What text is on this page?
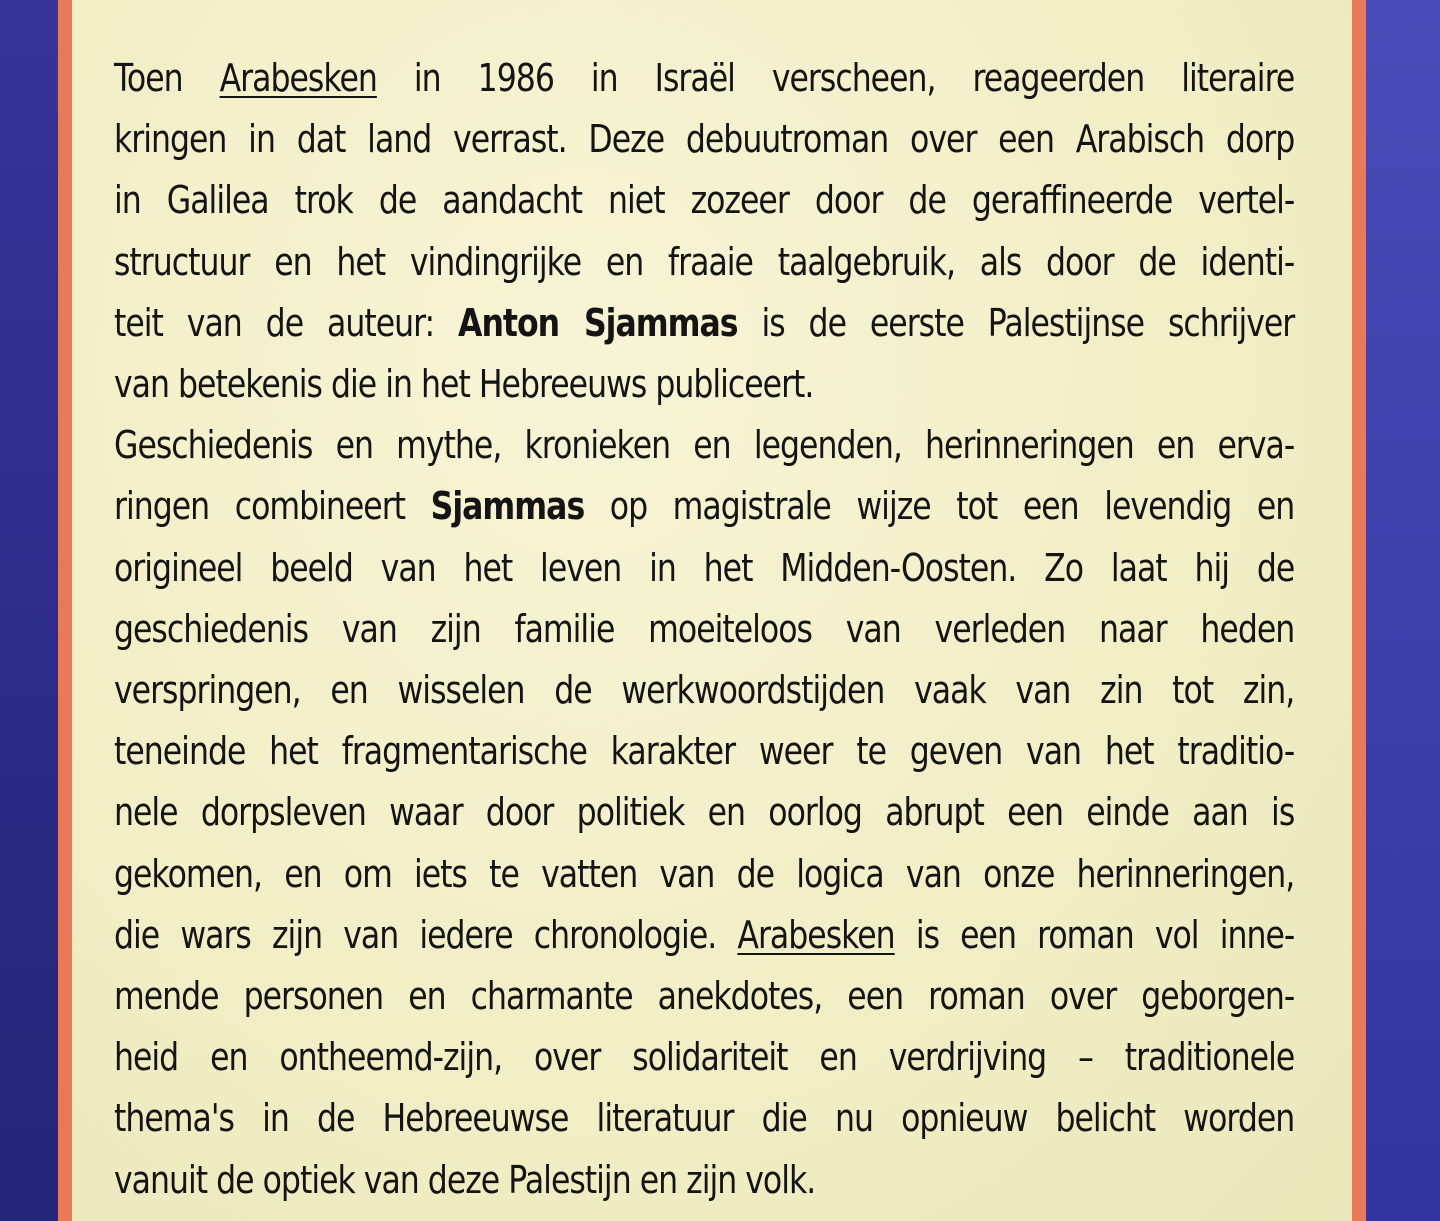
Toen Arabesken in 1986 in Israël verscheen, reageerden literaire
kringen in dat land verrast. Deze debuutroman over een Arabisch dorp
in Galilea trok de aandacht niet zozeer door de geraffineerde vertel-
structuur en het vindingrijke en fraaie taalgebruik, als door de identi-
teit van de auteur: Anton Sjammas is de eerste Palestijnse schrijver
van betekenis die in het Hebreeuws publiceert.
Geschiedenis en mythe, kronieken en legenden, herinneringen en erva-
ringen combineert Sjammas op magistrale wijze tot een levendig en
origineel beeld van het leven in het Midden-Oosten. Zo laat hij de
geschiedenis van zijn familie moeiteloos van verleden naar heden
verspringen, en wisselen de werkwoordstijden vaak van zin tot zin,
teneinde het fragmentarische karakter weer te geven van het traditio-
nele dorpsleven waar door politiek en oorlog abrupt een einde aan is
gekomen, en om iets te vatten van de logica van onze herinneringen,
die wars zijn van iedere chronologie. Arabesken is een roman vol inne-
mende personen en charmante anekdotes, een roman over geborgen-
heid en ontheemd-zijn, over solidariteit en verdrijving – traditionele
thema's in de Hebreeuwse literatuur die nu opnieuw belicht worden
vanuit de optiek van deze Palestijn en zijn volk.
